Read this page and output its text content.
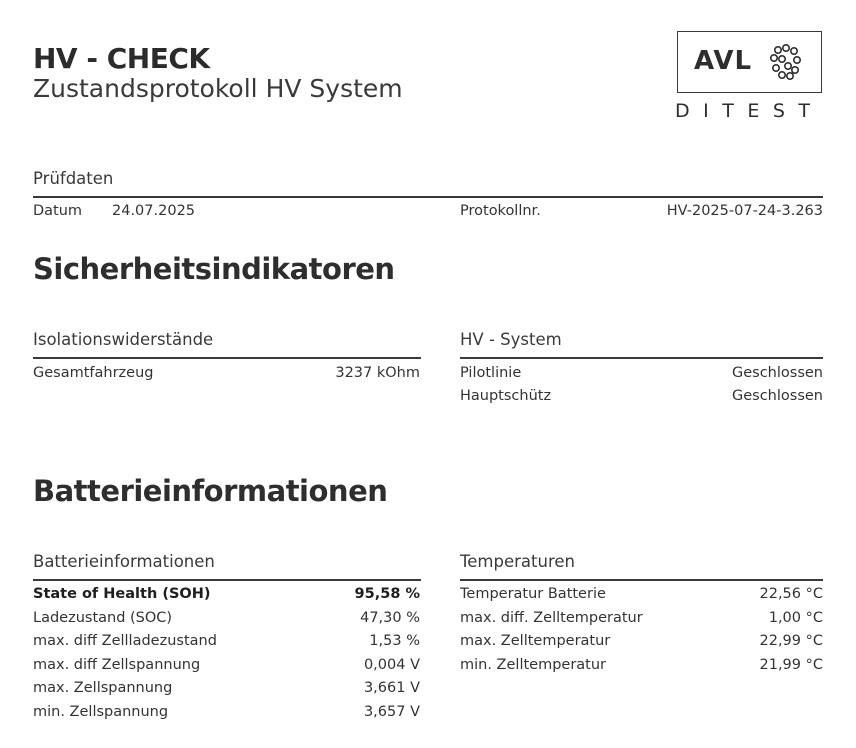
HV - CHECK
Zustandsprotokoll HV System
AVL
DITEST
Prüfdaten
Datum 24.07.2025	Protokollnr.	HV-2025-07-24-3.263
Sicherheitsindikatoren
Isolationswiderstände
Gesamtfahrzeug	3237 kOhm
HV - System
Pilotlinie	Geschlossen
Hauptschütz	Geschlossen
Batterieinformationen
Batterieinformationen
State of Health (SOH)	95,58 %
Ladezustand (SOC)	47,30 %
max. diff Zellladezustand	1,53 %
max. diff Zellspannung	0,004 V
max. Zellspannung	3,661 V
min. Zellspannung	3,657 V
Temperaturen
Temperatur Batterie	22,56 °C
max. diff. Zelltemperatur	1,00 °C
max. Zelltemperatur	22,99 °C
min. Zelltemperatur	21,99 °C
